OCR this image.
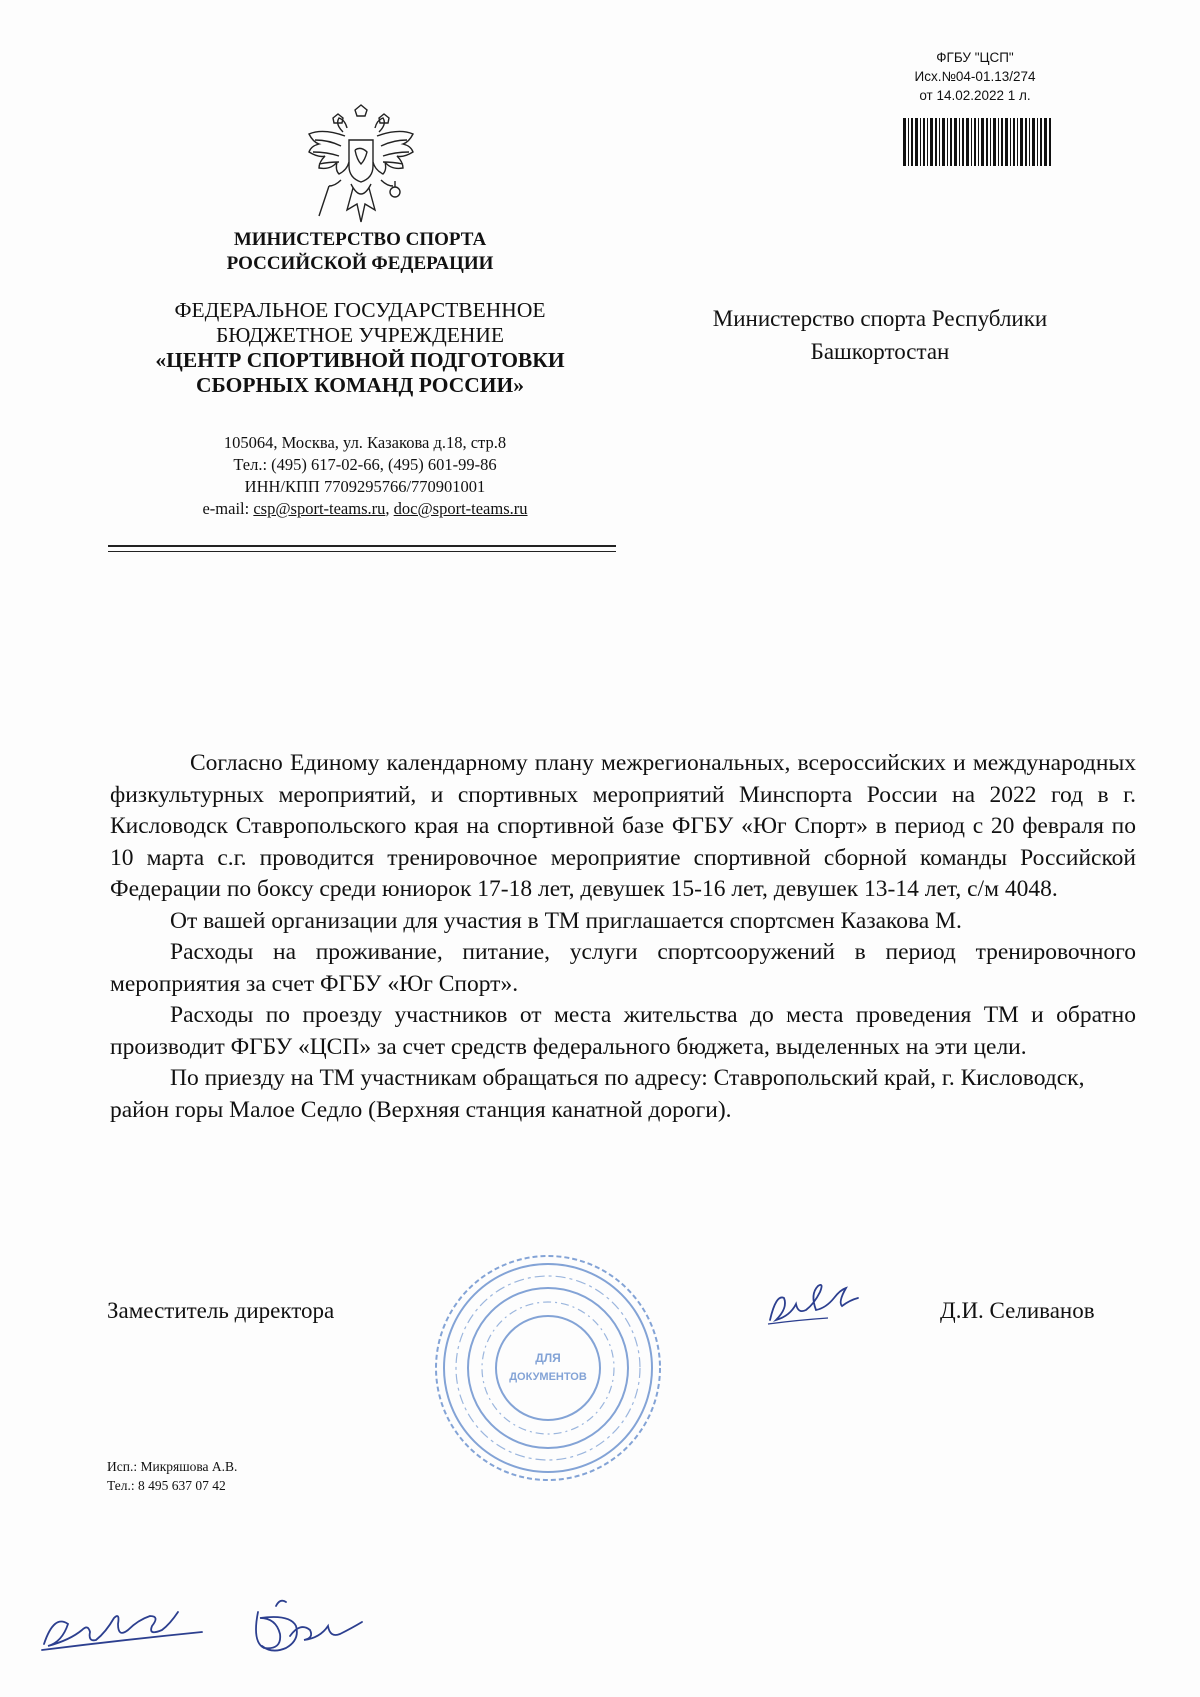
ФГБУ "ЦСП"
Исх.№04-01.13/274
от 14.02.2022 1 л.
МИНИСТЕРСТВО СПОРТА
РОССИЙСКОЙ ФЕДЕРАЦИИ
ФЕДЕРАЛЬНОЕ ГОСУДАРСТВЕННОЕ
БЮДЖЕТНОЕ УЧРЕЖДЕНИЕ
«ЦЕНТР СПОРТИВНОЙ ПОДГОТОВКИ
СБОРНЫХ КОМАНД РОССИИ»
105064, Москва, ул. Казакова д.18, стр.8
Тел.: (495) 617-02-66, (495) 601-99-86
ИНН/КПП 7709295766/770901001
e-mail: csp@sport-teams.ru, doc@sport-teams.ru
Министерство спорта Республики
Башкортостан

Согласно Единому календарному плану межрегиональных, всероссийских и международных физкультурных мероприятий, и спортивных мероприятий Минспорта России на 2022 год в г. Кисловодск Ставропольского края на спортивной базе ФГБУ «Юг Спорт» в период с 20 февраля по 10 марта с.г. проводится тренировочное мероприятие спортивной сборной команды Российской Федерации по боксу среди юниорок 17-18 лет, девушек 15-16 лет, девушек 13-14 лет, с/м 4048.

От вашей организации для участия в ТМ приглашается спортсмен Казакова М.

Расходы на проживание, питание, услуги спортсооружений в период тренировочного мероприятия за счет ФГБУ «Юг Спорт».

Расходы по проезду участников от места жительства до места проведения ТМ и обратно производит ФГБУ «ЦСП» за счет средств федерального бюджета, выделенных на эти цели.

По приезду на ТМ участникам обращаться по адресу: Ставропольский край, г. Кисловодск, район горы Малое Седло (Верхняя станция канатной дороги).

ДЛЯ
ДОКУМЕНТОВ
Заместитель директора	Д.И. Селиванов
Исп.: Микряшова А.В.
Тел.: 8 495 637 07 42
